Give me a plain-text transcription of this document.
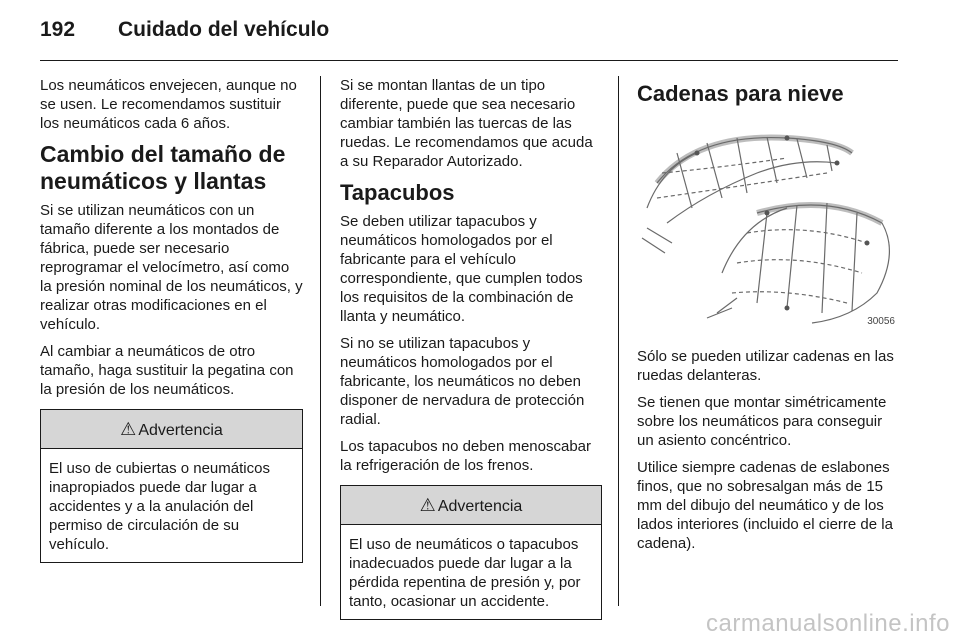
192 Cuidado del vehículo

Los neumáticos envejecen, aunque no se usen. Le recomendamos sustituir los neumáticos cada 6 años.

Cambio del tamaño de neumáticos y llantas

Si se utilizan neumáticos con un tamaño diferente a los montados de fábrica, puede ser necesario reprogramar el velocímetro, así como la presión nominal de los neumáticos, y realizar otras modificaciones en el vehículo.

Al cambiar a neumáticos de otro tamaño, haga sustituir la pegatina con la presión de los neumáticos.

⚠ Advertencia
El uso de cubiertas o neumáticos inapropiados puede dar lugar a accidentes y a la anulación del permiso de circulación de su vehículo.

Si se montan llantas de un tipo diferente, puede que sea necesario cambiar también las tuercas de las ruedas. Le recomendamos que acuda a su Reparador Autorizado.

Tapacubos

Se deben utilizar tapacubos y neumáticos homologados por el fabricante para el vehículo correspondiente, que cumplen todos los requisitos de la combinación de llanta y neumático.

Si no se utilizan tapacubos y neumáticos homologados por el fabricante, los neumáticos no deben disponer de nervadura de protección radial.

Los tapacubos no deben menoscabar la refrigeración de los frenos.

⚠ Advertencia
El uso de neumáticos o tapacubos inadecuados puede dar lugar a la pérdida repentina de presión y, por tanto, ocasionar un accidente.
Cadenas para nieve
30056

Sólo se pueden utilizar cadenas en las ruedas delanteras.

Se tienen que montar simétricamente sobre los neumáticos para conseguir un asiento concéntrico.

Utilice siempre cadenas de eslabones finos, que no sobresalgan más de 15 mm del dibujo del neumático y de los lados interiores (incluido el cierre de la cadena).

carmanualsonline.info
